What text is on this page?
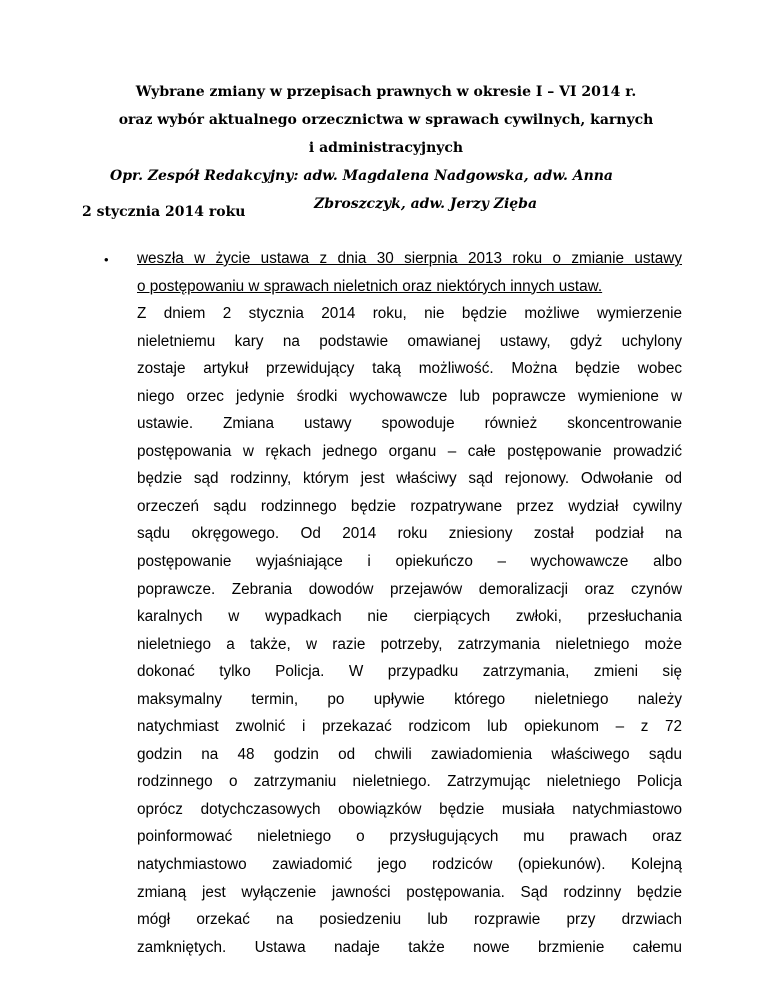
Wybrane zmiany w przepisach prawnych w okresie I – VI 2014 r.
oraz wybór aktualnego orzecznictwa w sprawach cywilnych, karnych
i administracyjnych
Opr. Zespół Redakcyjny: adw. Magdalena Nadgowska, adw. Anna
Zbroszczyk, adw. Jerzy Zięba
2 stycznia 2014 roku
• weszła w życie ustawa z dnia 30 sierpnia 2013 roku o zmianie ustawy
o postępowaniu w sprawach nieletnich oraz niektórych innych ustaw.
Z dniem 2 stycznia 2014 roku, nie będzie możliwe wymierzenie
nieletniemu kary na podstawie omawianej ustawy, gdyż uchylony
zostaje artykuł przewidujący taką możliwość. Można będzie wobec
niego orzec jedynie środki wychowawcze lub poprawcze wymienione w
ustawie. Zmiana ustawy spowoduje również skoncentrowanie
postępowania w rękach jednego organu – całe postępowanie prowadzić
będzie sąd rodzinny, którym jest właściwy sąd rejonowy. Odwołanie od
orzeczeń sądu rodzinnego będzie rozpatrywane przez wydział cywilny
sądu okręgowego. Od 2014 roku zniesiony został podział na
postępowanie wyjaśniające i opiekuńczo – wychowawcze albo
poprawcze. Zebrania dowodów przejawów demoralizacji oraz czynów
karalnych w wypadkach nie cierpiących zwłoki, przesłuchania
nieletniego a także, w razie potrzeby, zatrzymania nieletniego może
dokonać tylko Policja. W przypadku zatrzymania, zmieni się
maksymalny termin, po upływie którego nieletniego należy
natychmiast zwolnić i przekazać rodzicom lub opiekunom – z 72
godzin na 48 godzin od chwili zawiadomienia właściwego sądu
rodzinnego o zatrzymaniu nieletniego. Zatrzymując nieletniego Policja
oprócz dotychczasowych obowiązków będzie musiała natychmiastowo
poinformować nieletniego o przysługujących mu prawach oraz
natychmiastowo zawiadomić jego rodziców (opiekunów). Kolejną
zmianą jest wyłączenie jawności postępowania. Sąd rodzinny będzie
mógł orzekać na posiedzeniu lub rozprawie przy drzwiach
zamkniętych. Ustawa nadaje także nowe brzmienie całemu
